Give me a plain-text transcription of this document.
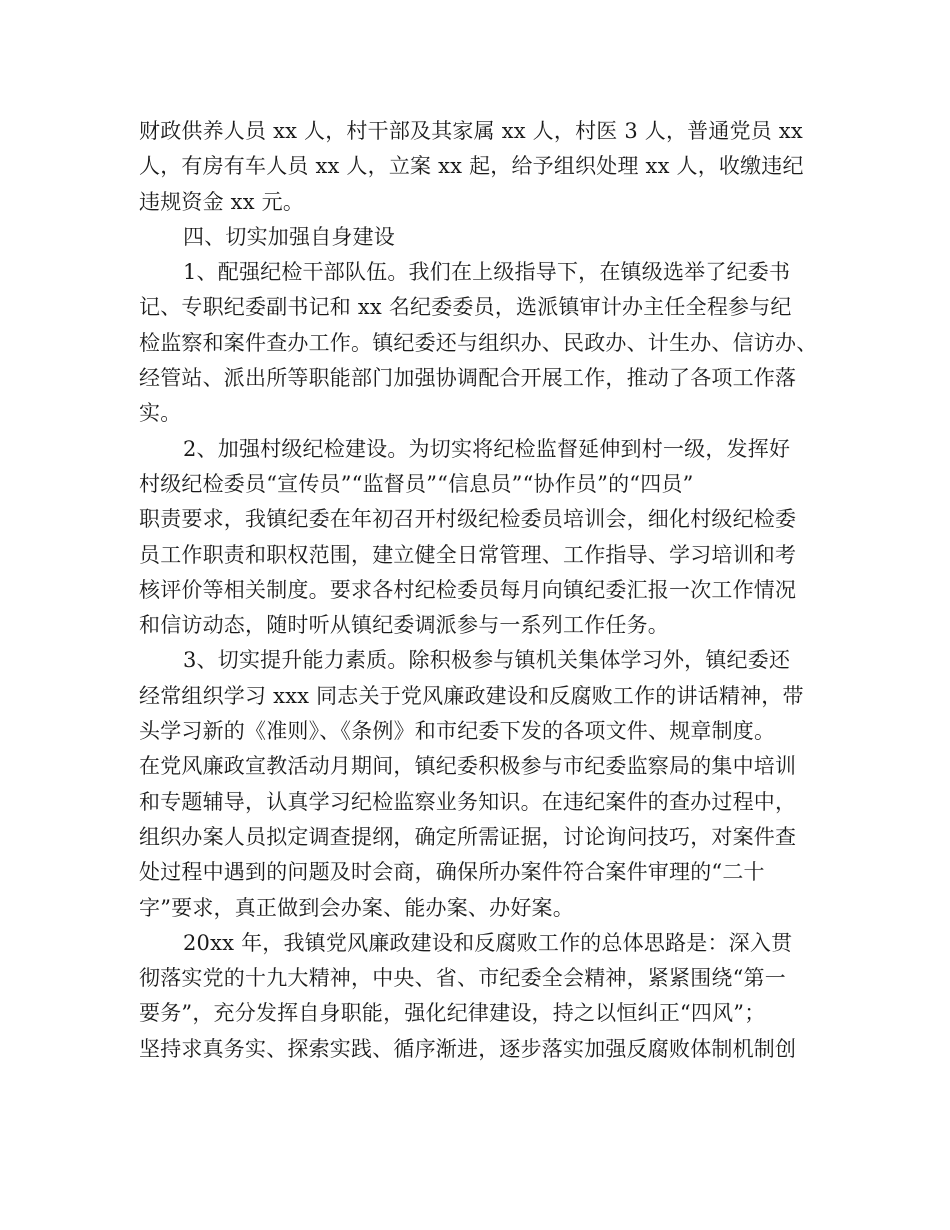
财政供养人员 xx 人，村干部及其家属 xx 人，村医 3 人，普通党员 xx
人，有房有车人员 xx 人，立案 xx 起，给予组织处理 xx 人，收缴违纪
违规资金 xx 元。
四、切实加强自身建设
1、配强纪检干部队伍。我们在上级指导下，在镇级选举了纪委书
记、专职纪委副书记和 xx 名纪委委员，选派镇审计办主任全程参与纪
检监察和案件查办工作。镇纪委还与组织办、民政办、计生办、信访办、
经管站、派出所等职能部门加强协调配合开展工作，推动了各项工作落
实。
2、加强村级纪检建设。为切实将纪检监督延伸到村一级，发挥好
村级纪检委员“宣传员”“监督员”“信息员”“协作员”的“四员”
职责要求，我镇纪委在年初召开村级纪检委员培训会，细化村级纪检委
员工作职责和职权范围，建立健全日常管理、工作指导、学习培训和考
核评价等相关制度。要求各村纪检委员每月向镇纪委汇报一次工作情况
和信访动态，随时听从镇纪委调派参与一系列工作任务。
3、切实提升能力素质。除积极参与镇机关集体学习外，镇纪委还
经常组织学习 xxx 同志关于党风廉政建设和反腐败工作的讲话精神，带
头学习新的《准则》、《条例》和市纪委下发的各项文件、规章制度。
在党风廉政宣教活动月期间，镇纪委积极参与市纪委监察局的集中培训
和专题辅导，认真学习纪检监察业务知识。在违纪案件的查办过程中，
组织办案人员拟定调查提纲，确定所需证据，讨论询问技巧，对案件查
处过程中遇到的问题及时会商，确保所办案件符合案件审理的“二十
字”要求，真正做到会办案、能办案、办好案。
20xx 年，我镇党风廉政建设和反腐败工作的总体思路是：深入贯
彻落实党的十九大精神，中央、省、市纪委全会精神，紧紧围绕“第一
要务”，充分发挥自身职能，强化纪律建设，持之以恒纠正“四风”；
坚持求真务实、探索实践、循序渐进，逐步落实加强反腐败体制机制创
